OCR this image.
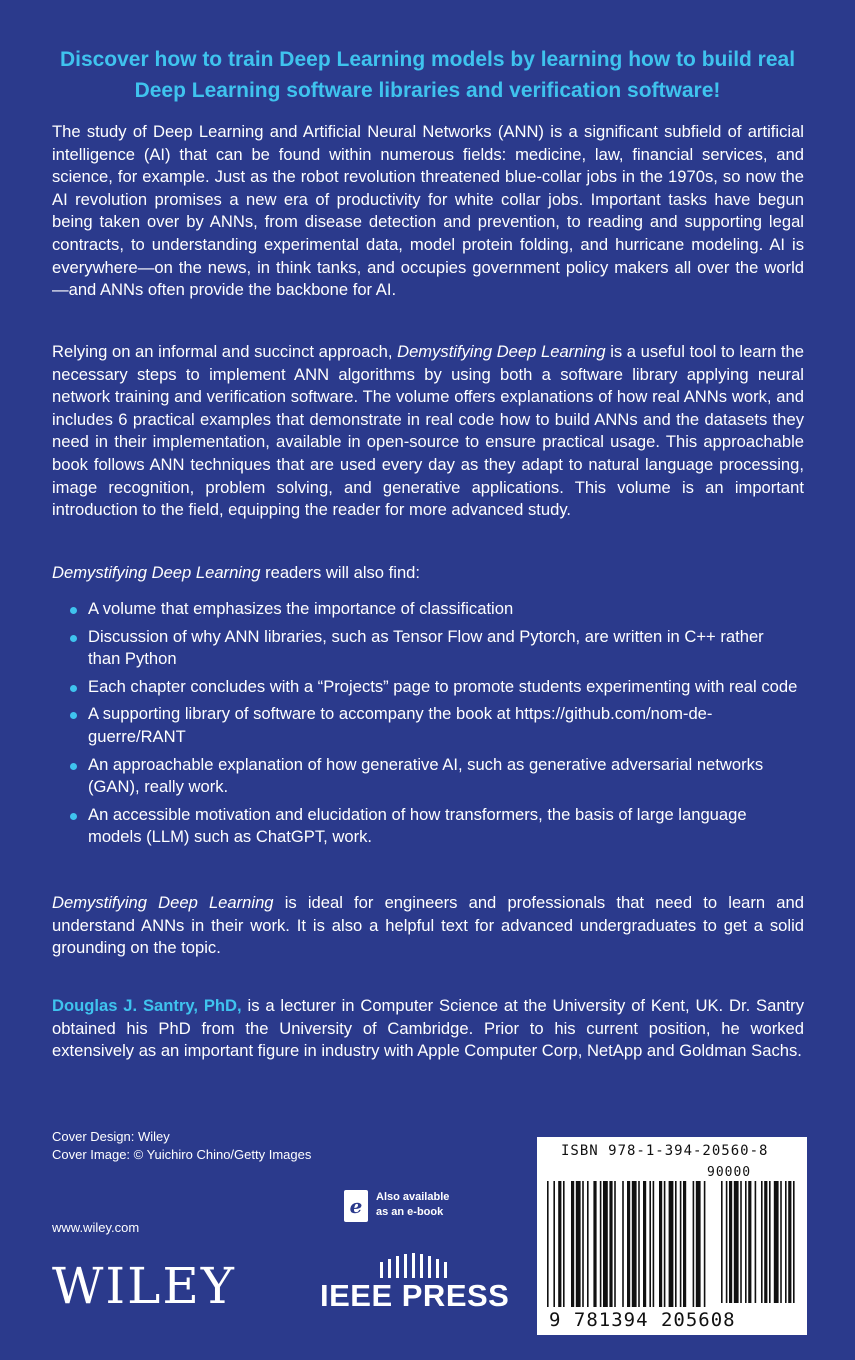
Discover how to train Deep Learning models by learning how to build real Deep Learning software libraries and verification software!

The study of Deep Learning and Artificial Neural Networks (ANN) is a significant subfield of artificial intelligence (AI) that can be found within numerous fields: medicine, law, financial services, and science, for example. Just as the robot revolution threatened blue-collar jobs in the 1970s, so now the AI revolution promises a new era of productivity for white collar jobs. Important tasks have begun being taken over by ANNs, from disease detection and prevention, to reading and supporting legal contracts, to understanding experimental data, model protein folding, and hurricane modeling. AI is everywhere—on the news, in think tanks, and occupies government policy makers all over the world —and ANNs often provide the backbone for AI.

Relying on an informal and succinct approach, Demystifying Deep Learning is a useful tool to learn the necessary steps to implement ANN algorithms by using both a software library applying neural network training and verification software. The volume offers explanations of how real ANNs work, and includes 6 practical examples that demonstrate in real code how to build ANNs and the datasets they need in their implementation, available in open-source to ensure practical usage. This approachable book follows ANN techniques that are used every day as they adapt to natural language processing, image recognition, problem solving, and generative applications. This volume is an important introduction to the field, equipping the reader for more advanced study.

Demystifying Deep Learning readers will also find:

A volume that emphasizes the importance of classification
Discussion of why ANN libraries, such as Tensor Flow and Pytorch, are written in C++ rather than Python
Each chapter concludes with a “Projects” page to promote students experimenting with real code
A supporting library of software to accompany the book at https://github.com/nom-de-guerre/RANT
An approachable explanation of how generative AI, such as generative adversarial networks (GAN), really work.
An accessible motivation and elucidation of how transformers, the basis of large language models (LLM) such as ChatGPT, work.

Demystifying Deep Learning is ideal for engineers and professionals that need to learn and understand ANNs in their work. It is also a helpful text for advanced undergraduates to get a solid grounding on the topic.

Douglas J. Santry, PhD, is a lecturer in Computer Science at the University of Kent, UK. Dr. Santry obtained his PhD from the University of Cambridge. Prior to his current position, he worked extensively as an important figure in industry with Apple Computer Corp, NetApp and Goldman Sachs.

Cover Design: Wiley
Cover Image: © Yuichiro Chino/Getty Images
www.wiley.com
WILEY
e	Also available
as an e-book
IEEE PRESS
ISBN 978-1-394-20560-8
90000
9 781394 205608
